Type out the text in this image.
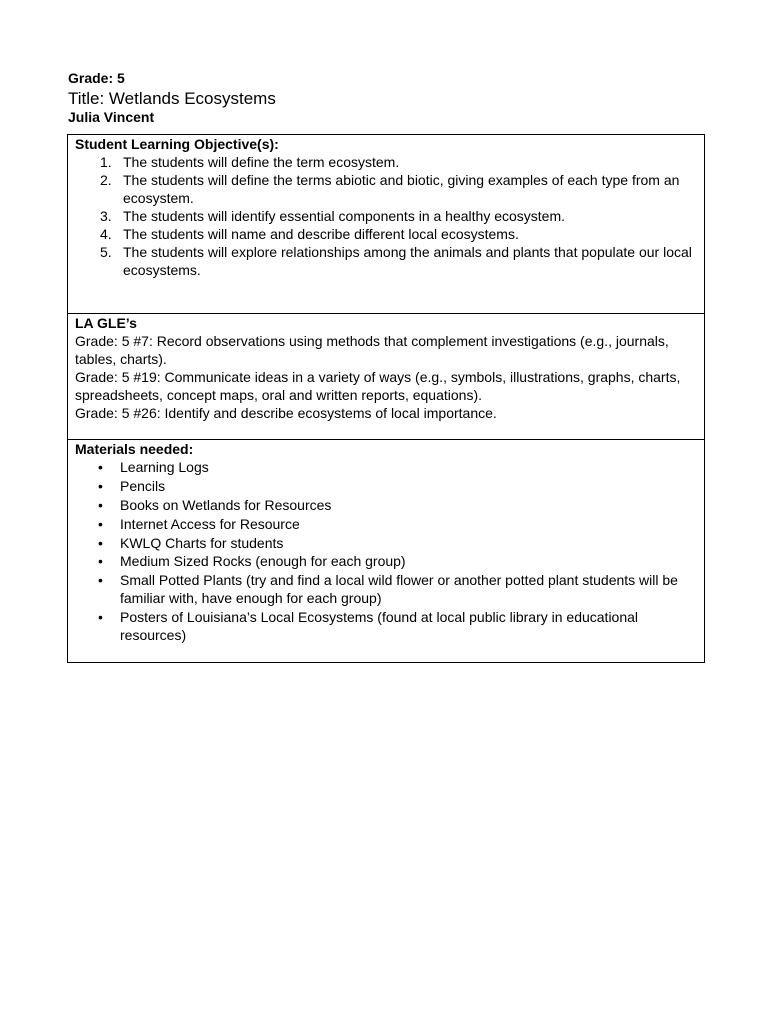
Grade: 5
Title: Wetlands Ecosystems
Julia Vincent
Student Learning Objective(s):
1. The students will define the term ecosystem.
2. The students will define the terms abiotic and biotic, giving examples of each type from an ecosystem.
3. The students will identify essential components in a healthy ecosystem.
4. The students will name and describe different local ecosystems.
5. The students will explore relationships among the animals and plants that populate our local ecosystems.
LA GLE’s
Grade: 5 #7: Record observations using methods that complement investigations (e.g., journals, tables, charts).
Grade: 5 #19: Communicate ideas in a variety of ways (e.g., symbols, illustrations, graphs, charts, spreadsheets, concept maps, oral and written reports, equations).
Grade: 5 #26: Identify and describe ecosystems of local importance.
Materials needed:
• Learning Logs
• Pencils
• Books on Wetlands for Resources
• Internet Access for Resource
• KWLQ Charts for students
• Medium Sized Rocks (enough for each group)
• Small Potted Plants (try and find a local wild flower or another potted plant students will be familiar with, have enough for each group)
• Posters of Louisiana’s Local Ecosystems (found at local public library in educational resources)
